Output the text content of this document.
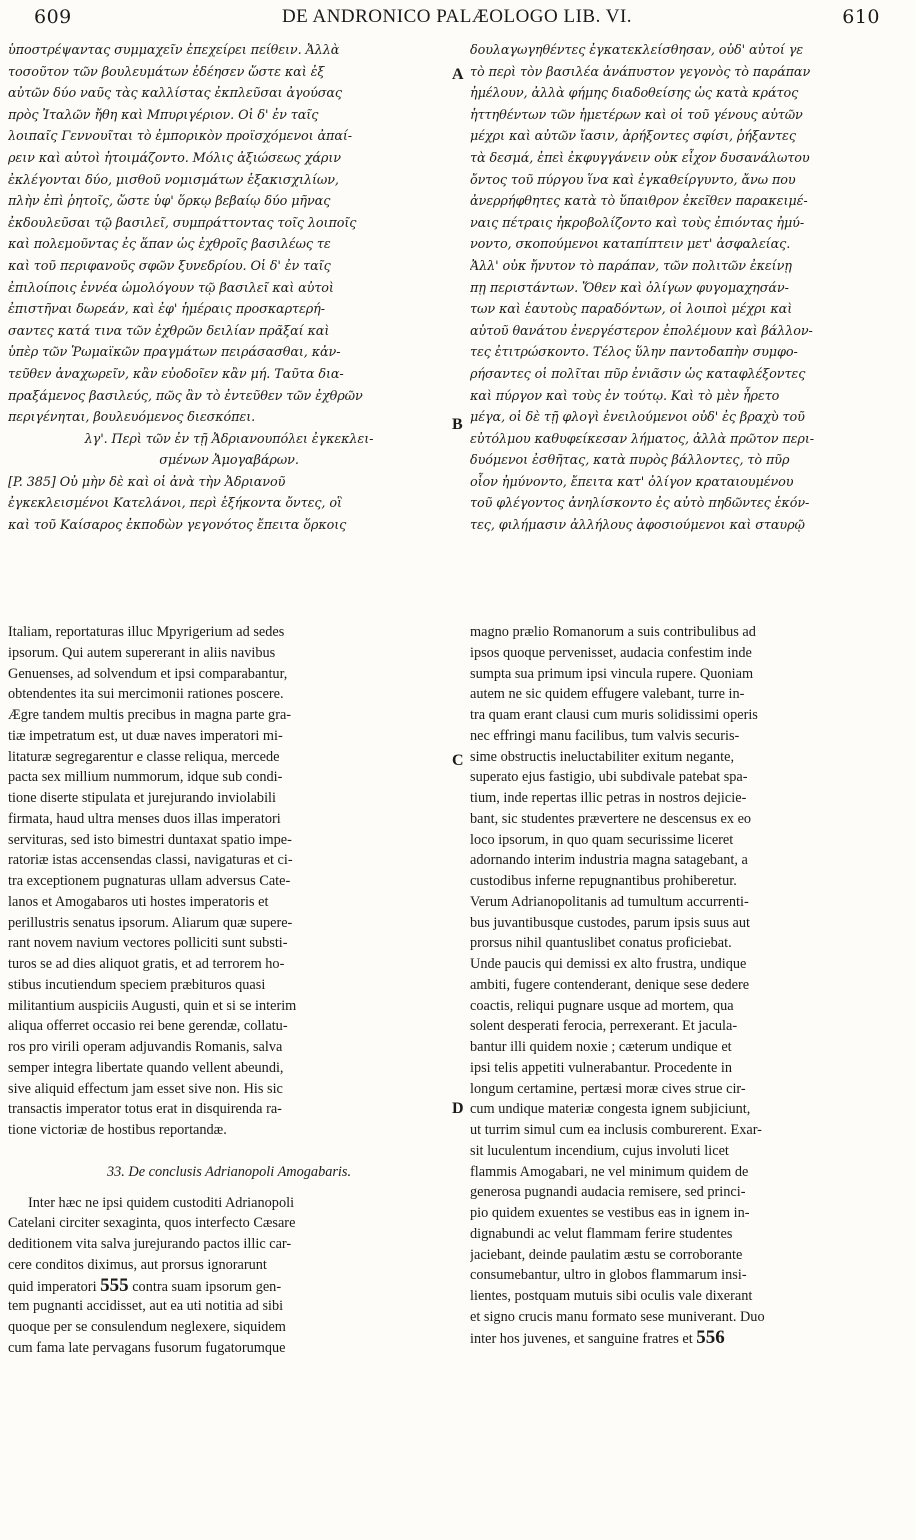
609	DE ANDRONICO PALÆOLOGO LIB. VI.	610
A
B
C
D
ὑποστρέψαντας συμμαχεῖν ἐπεχείρει πείθειν. Ἀλλὰ
τοσοῦτον τῶν βουλευμάτων ἐδέησεν ὥστε καὶ ἐξ
αὐτῶν δύο ναῦς τὰς καλλίστας ἐκπλεῦσαι ἀγούσας
πρὸς Ἰταλῶν ἤθη καὶ Μπυριγέριον. Οἱ δ' ἐν ταῖς
λοιπαῖς Γεννουῖται τὸ ἐμπορικὸν προϊσχόμενοι ἀπαί-
ρειν καὶ αὐτοὶ ἡτοιμάζοντο. Μόλις ἀξιώσεως χάριν
ἐκλέγονται δύο, μισθοῦ νομισμάτων ἑξακισχιλίων,
πλὴν ἐπὶ ῥητοῖς, ὥστε ὑφ' ὅρκῳ βεβαίῳ δύο μῆνας
ἐκδουλεῦσαι τῷ βασιλεῖ, συμπράττοντας τοῖς λοιποῖς
καὶ πολεμοῦντας ἐς ἅπαν ὡς ἐχθροῖς βασιλέως τε
καὶ τοῦ περιφανοῦς σφῶν ξυνεδρίου. Οἱ δ' ἐν ταῖς
ἐπιλοίποις ἐννέα ὡμολόγουν τῷ βασιλεῖ καὶ αὐτοὶ
ἐπιστῆναι δωρεάν, καὶ ἐφ' ἡμέραις προσκαρτερή-
σαντες κατά τινα τῶν ἐχθρῶν δειλίαν πρᾶξαί καὶ
ὑπὲρ τῶν Ῥωμαϊκῶν πραγμάτων πειράσασθαι, κἀν-
τεῦθεν ἀναχωρεῖν, κἂν εὐοδοῖεν κἂν μή. Ταῦτα δια-
πραξάμενος βασιλεύς, πῶς ἂν τὸ ἐντεῦθεν τῶν ἐχθρῶν
περιγένηται, βουλευόμενος διεσκόπει.
λγ'. Περὶ τῶν ἐν τῇ Ἀδριανουπόλει ἐγκεκλει-
σμένων Ἀμογαβάρων.
[P. 385] Οὐ μὴν δὲ καὶ οἱ ἀνὰ τὴν Ἀδριανοῦ
ἐγκεκλεισμένοι Κατελάνοι, περὶ ἑξήκοντα ὄντες, οἳ
καὶ τοῦ Καίσαρος ἐκποδὼν γεγονότος ἔπειτα ὅρκοις
δουλαγωγηθέντες ἐγκατεκλείσθησαν, οὐδ' αὐτοί γε
τὸ περὶ τὸν βασιλέα ἀνάπυστον γεγονὸς τὸ παράπαν
ἠμέλουν, ἀλλὰ φήμης διαδοθείσης ὡς κατὰ κράτος
ἡττηθέντων τῶν ἡμετέρων καὶ οἱ τοῦ γένους αὐτῶν
μέχρι καὶ αὐτῶν ἴασιν, ἀρήξοντες σφίσι, ῥήξαντες
τὰ δεσμά, ἐπεὶ ἐκφυγγάνειν οὐκ εἶχον δυσανάλωτου
ὄντος τοῦ πύργου ἵνα καὶ ἐγκαθείργυντο, ἄνω που
ἀνερρήφθητες κατὰ τὸ ὕπαιθρον ἐκεῖθεν παρακειμέ-
ναις πέτραις ἠκροβολίζοντο καὶ τοὺς ἐπιόντας ἠμύ-
νοντο, σκοπούμενοι καταπίπτειν μετ' ἀσφαλείας.
Ἀλλ' οὐκ ἤνυτον τὸ παράπαν, τῶν πολιτῶν ἐκείνῃ
πῃ περιστάντων. Ὅθεν καὶ ὀλίγων φυγομαχησάν-
των καὶ ἑαυτοὺς παραδόντων, οἱ λοιποὶ μέχρι καὶ
αὐτοῦ θανάτου ἐνεργέστερον ἐπολέμουν καὶ βάλλον-
τες ἐτιτρώσκοντο. Τέλος ὕλην παντοδαπὴν συμφο-
ρήσαντες οἱ πολῖται πῦρ ἐνιᾶσιν ὡς καταφλέξοντες
καὶ πύργον καὶ τοὺς ἐν τούτῳ. Καὶ τὸ μὲν ἦρετο
μέγα, οἱ δὲ τῇ φλογὶ ἐνειλούμενοι οὐδ' ἐς βραχὺ τοῦ
εὐτόλμου καθυφείκεσαν λήματος, ἀλλὰ πρῶτον περι-
δυόμενοι ἐσθῆτας, κατὰ πυρὸς βάλλοντες, τὸ πῦρ
οἷον ἠμύνοντο, ἔπειτα κατ' ὀλίγον κραταιουμένου
τοῦ φλέγοντος ἀνηλίσκοντο ἐς αὐτὸ πηδῶντες ἑκόν-
τες, φιλήμασιν ἀλλήλους ἀφοσιούμενοι καὶ σταυρῷ
Italiam, reportaturas illuc Mpyrigerium ad sedes
ipsorum. Qui autem supererant in aliis navibus
Genuenses, ad solvendum et ipsi comparabantur,
obtendentes ita sui mercimonii rationes poscere.
Ægre tandem multis precibus in magna parte gra-
tiæ impetratum est, ut duæ naves imperatori mi-
litaturæ segregarentur e classe reliqua, mercede
pacta sex millium nummorum, idque sub condi-
tione diserte stipulata et jurejurando inviolabili
firmata, haud ultra menses duos illas imperatori
servituras, sed isto bimestri duntaxat spatio impe-
ratoriæ istas accensendas classi, navigaturas et ci-
tra exceptionem pugnaturas ullam adversus Cate-
lanos et Amogabaros uti hostes imperatoris et
perillustris senatus ipsorum. Aliarum quæ supere-
rant novem navium vectores polliciti sunt substi-
turos se ad dies aliquot gratis, et ad terrorem ho-
stibus incutiendum speciem præbituros quasi
militantium auspiciis Augusti, quin et si se interim
aliqua offerret occasio rei bene gerendæ, collatu-
ros pro virili operam adjuvandis Romanis, salva
semper integra libertate quando vellent abeundi,
sive aliquid effectum jam esset sive non. His sic
transactis imperator totus erat in disquirenda ra-
tione victoriæ de hostibus reportandæ.
33. De conclusis Adrianopoli Amogabaris.
Inter hæc ne ipsi quidem custoditi Adrianopoli
Catelani circiter sexaginta, quos interfecto Cæsare
deditionem vita salva jurejurando pactos illic car-
cere conditos diximus, aut prorsus ignorarunt
quid imperatori 555 contra suam ipsorum gen-
tem pugnanti accidisset, aut ea uti notitia ad sibi
quoque per se consulendum neglexere, siquidem
cum fama late pervagans fusorum fugatorumque
magno prælio Romanorum a suis contribulibus ad
ipsos quoque pervenisset, audacia confestim inde
sumpta sua primum ipsi vincula rupere. Quoniam
autem ne sic quidem effugere valebant, turre in-
tra quam erant clausi cum muris solidissimi operis
nec effringi manu facilibus, tum valvis securis-
sime obstructis ineluctabiliter exitum negante,
superato ejus fastigio, ubi subdivale patebat spa-
tium, inde repertas illic petras in nostros dejicie-
bant, sic studentes prævertere ne descensus ex eo
loco ipsorum, in quo quam securissime liceret
adornando interim industria magna satagebant, a
custodibus inferne repugnantibus prohiberetur.
Verum Adrianopolitanis ad tumultum accurrenti-
bus juvantibusque custodes, parum ipsis suus aut
prorsus nihil quantuslibet conatus proficiebat.
Unde paucis qui demissi ex alto frustra, undique
ambiti, fugere contenderant, denique sese dedere
coactis, reliqui pugnare usque ad mortem, qua
solent desperati ferocia, perrexerant. Et jacula-
bantur illi quidem noxie ; cæterum undique et
ipsi telis appetiti vulnerabantur. Procedente in
longum certamine, pertæsi moræ cives strue cir-
cum undique materiæ congesta ignem subjiciunt,
ut turrim simul cum ea inclusis comburerent. Exar-
sit luculentum incendium, cujus involuti licet
flammis Amogabari, ne vel minimum quidem de
generosa pugnandi audacia remisere, sed princi-
pio quidem exuentes se vestibus eas in ignem in-
dignabundi ac velut flammam ferire studentes
jaciebant, deinde paulatim æstu se corroborante
consumebantur, ultro in globos flammarum insi-
lientes, postquam mutuis sibi oculis vale dixerant
et signo crucis manu formato sese muniverant. Duo
inter hos juvenes, et sanguine fratres et 556
